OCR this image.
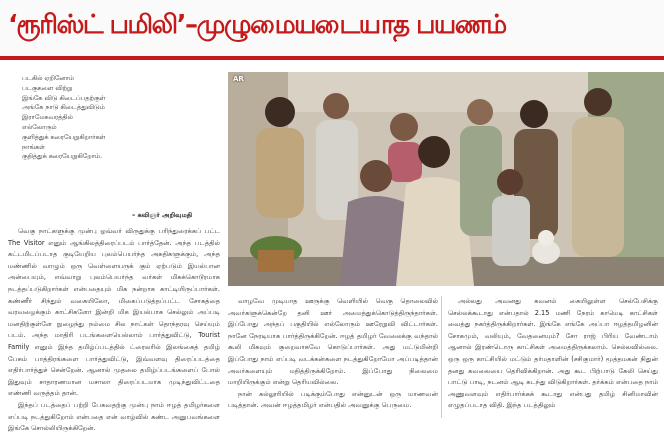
‘ரூரிஸ்ட் பமிலி’–முழுமையடையாத பயணம்
படகில் ஏறினோம்
படகுகளை விற்று
இங்கே விடு கிடைப்பதற்குள்
அங்கே நாடு கிடைத்துவிடும்
இராமேசுவரத்தில்
எல்லோரும்
குளித்துக் கரையேறுகிறார்கள்
நாங்கள்
குதித்துக் கரையேறுகிறோம்.
– கவிஞர் அறிவுமதி

வெகு நாட்களுக்கு முன்பு ஓவ்வர் விருதுக்கு பரிந்துரைக்கப் பட்ட The Visitor எனும் ஆங்கிலத்திரைப்படம் பார்த்தேன். அந்த படத்தில் கட்டமிடப்படாத குடியேறிய புலம்பெயர்ந்த அகதிகளுக்கும், அந்த மண்ணில் வாழும் ஒரு வெள்ளையருக் கும் ஏற்படும் இயல்பான அன்பையும், எவ்வாறு புலம்பெயர்ந்த வர்கள் மிகக்கொடூரமாக நடத்தப்படுகிறார்கள் என்பதையும் மிக நன்றாக காட்டியிருப்பார்கள். கண்ணீர் சிந்தும் வகையிலோ, மிகைப்படுத்தப்பட்ட சோகத்தை வரவழைக்கும் காட்சிகளோ இன்றி மிக இயல்பாக செல்லும் அப்படி மனதிற்குள்ளே நுழைந்து நம்மை சில நாட்கள் தொந்தரவு செய்யும் படம். அந்த மாதிரி படங்களையெல்லாம் பார்த்துவிட்டு, Tourist Family எனும் இந்த தமிழ்ப்படத்தில் ட்ரைலரில் இலங்கைத் தமிழ் பேசும் பாத்திரங்களை பார்த்துவிட்டு, இவ்வளவு திரைப்படத்தை எதிர்பார்த்துச் சென்றேன். ஆனால் முதலை தமிழ்ப்படங்களைப் போல் இதுவும் சாதாரணமான மசாலா திரைப்படமாக முடிந்துவிட்டதை எண்ணி வருத்தம் தான்.

இந்தப் படத்தைப் பற்றி பேசுவதற்கு முன்பு நாம் ஈழத் தமிழர்களை எப்படி நடத்துகிறோம் என்பதை என் வாழ்வில் கண்ட அனுபவங்களை இங்கே சொல்லியிருக்கிறேன்.

AR

வாழவே முடியாத ஊருக்கு வெளியில் வெகு தொலைவில் அவர்களுக்கென்றே தனி ஊர் அமைத்துக்கொடுத்திருந்தார்கள். இப்போது அந்தப் பகுதியில் எல்லோரும் ஊரேறுவி விட்டார்கள். நானே நேரடியாக பார்த்திருக்கிறேன். ஈழத் தமிழர் வேலைக்கு வந்தால் கூலி மிகவும் குறைவாகவே கொடுப்பார்கள். அது மட்டுமின்றி இப்போது நாம் எப்படி வடக்கன்களை நடத்துகிறோமோ அப்படித்தான் அவர்களையும் மதித்திருக்கிறோம். இப்போது நிலைமை மாறியிருக்கும் என்று தெரியவில்லை.

நான் கல்லூரியில் படிக்கும்போது என்னுடன் ஒரு மாணவன் படித்தான். அவன் ஈழத்தமிழர் என்பதில் அவனுக்கு பெருமை.

அல்லது அவனது கவனம் கையிலுள்ள செல்பேசிக்கு செல்லக்கூடாது என்பதால் 2.15 மணி நேரம் காமெடி காட்சிகள் வைத்து நகர்த்திருக்கிறார்கள். இங்கே எங்கே அப்பா ஈழத்தமிழனின் சோகமும், வலியும், வேதனையும்? சோ ராஜ் பிரிய வேண்டாம் ஆனால் இரண்டொரு காட்சிகள் அமைத்திருக்கலாம். செல்லவில்லை. ஒரு ஒரு காட்சியில் மட்டும் தர்மதாளின் (சசிகுமார்) மூத்தமகன் நிதுன் தனது கவலையை தெரிவிக்கிறான். அது கூட பிற்பாடு கேலி செய்து பாட்டு பாடி, நடனம் ஆடி கடந்து விடுகிறார்கள். தர்க்கம் என்பதை நாம் அணுவளவும் எதிர்பார்க்கக் கூடாது என்பது தமிழ் சினிமாவின் எழுதப்படாத விதி. இந்த படத்திலும்
